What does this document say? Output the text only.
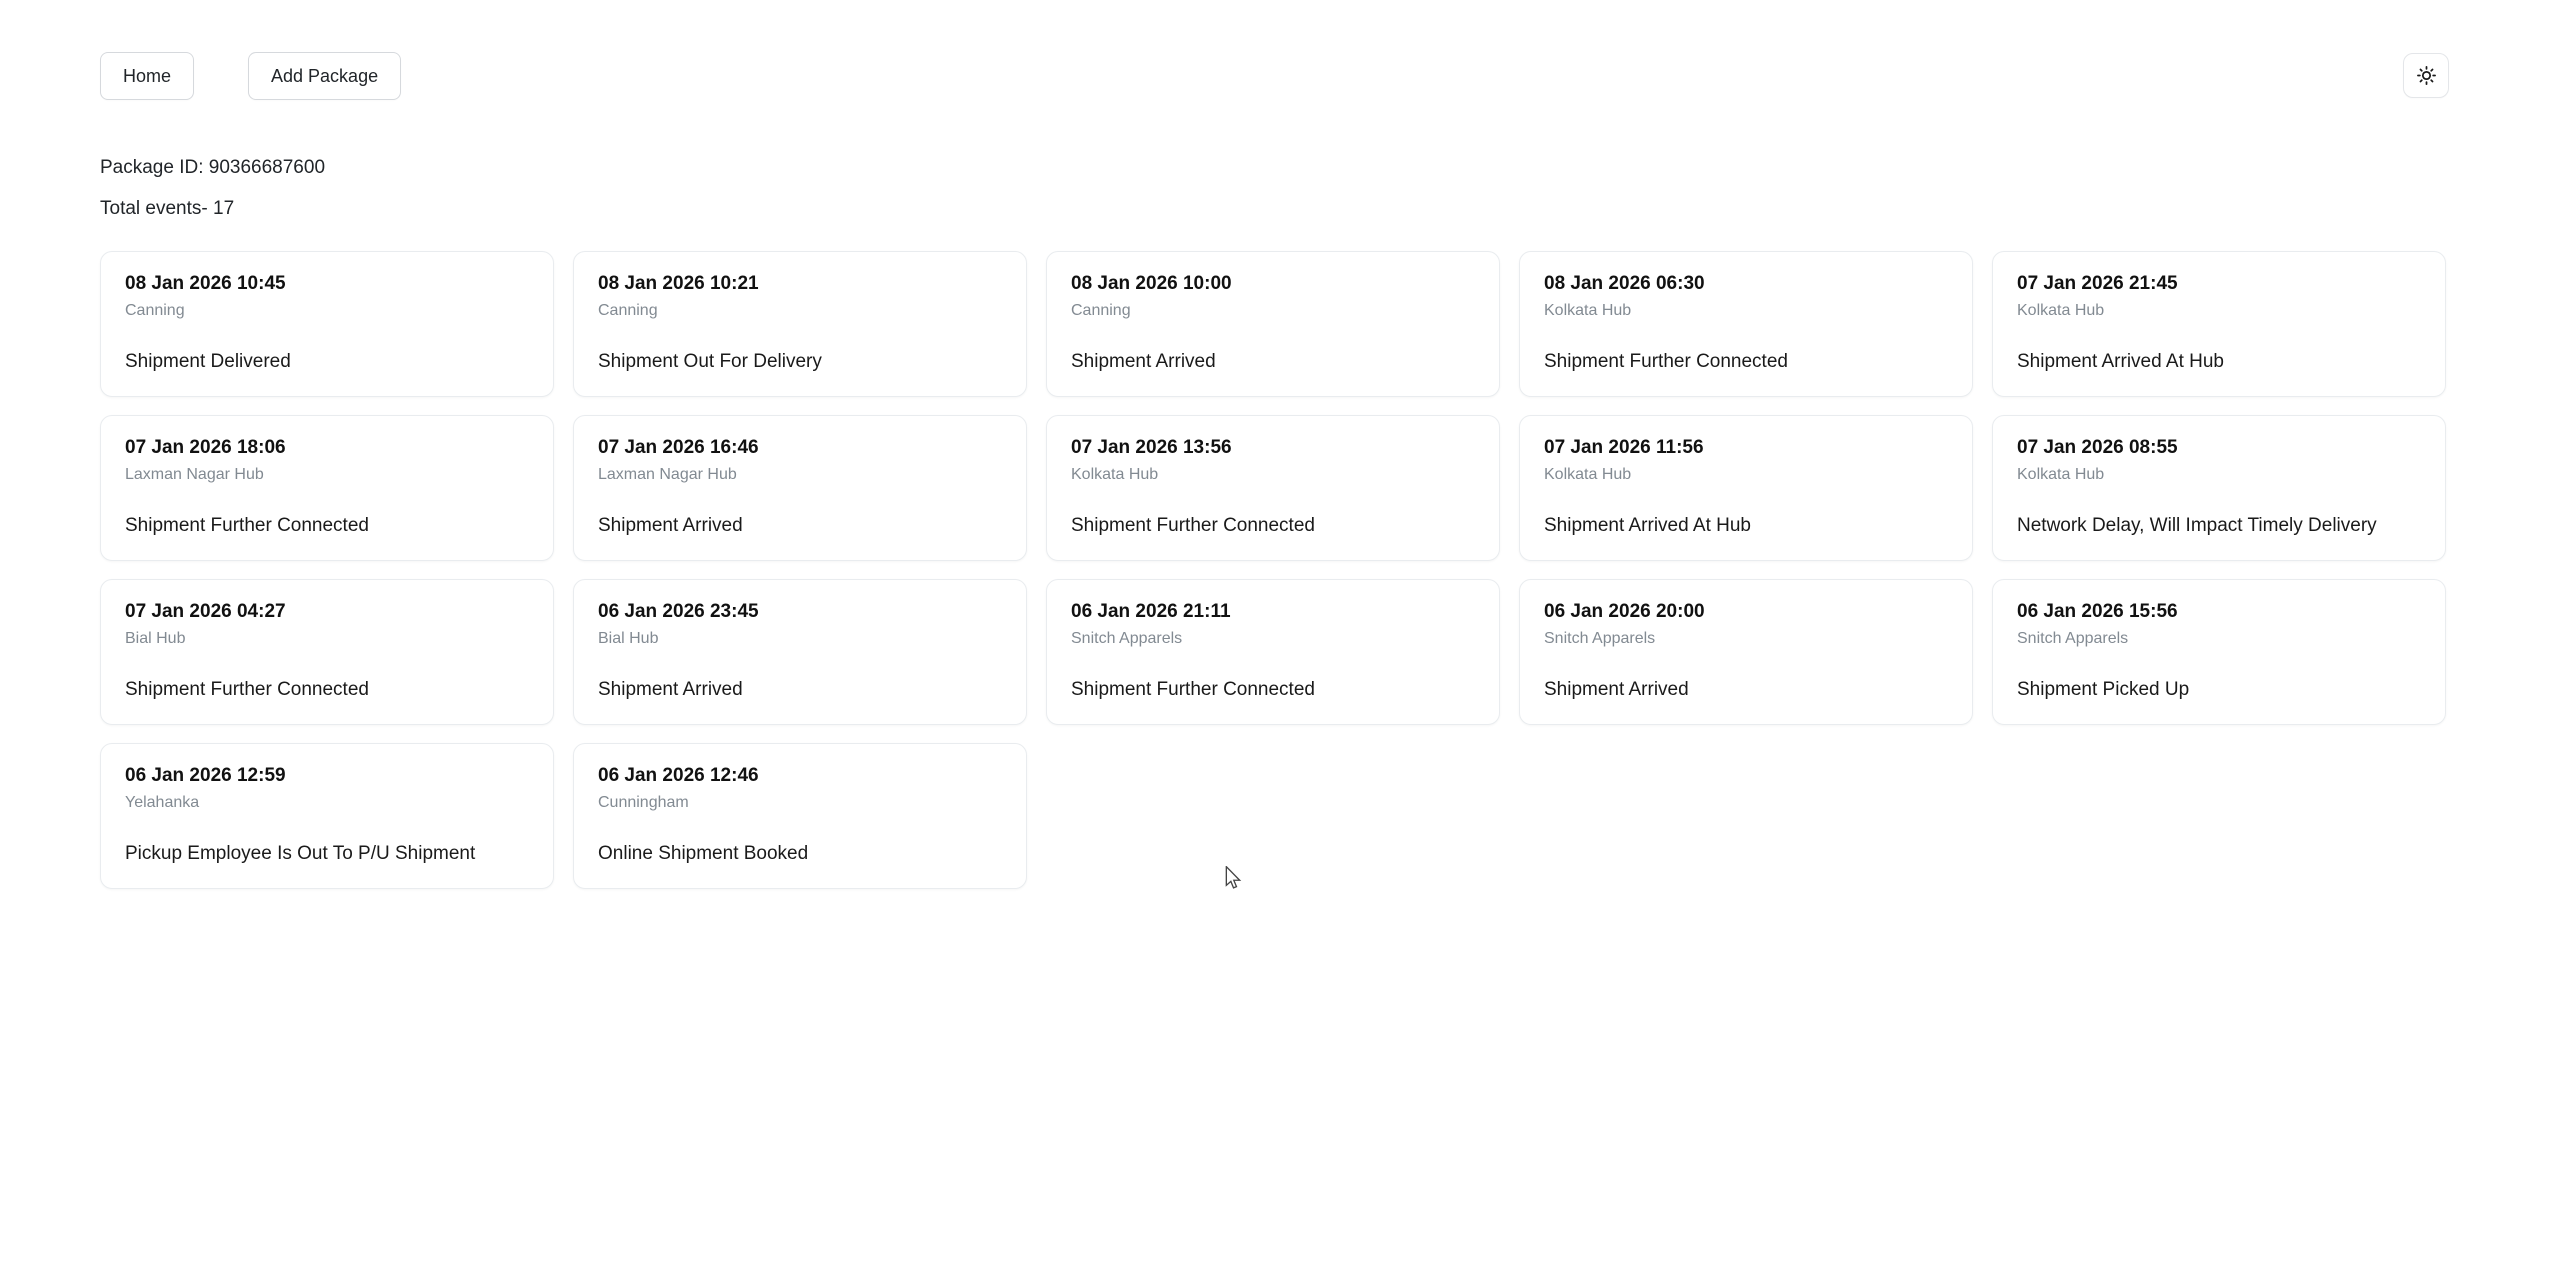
Home	Add Package
Package ID: 90366687600
Total events- 17
08 Jan 2026 10:45
Canning
Shipment Delivered
08 Jan 2026 10:21
Canning
Shipment Out For Delivery
08 Jan 2026 10:00
Canning
Shipment Arrived
08 Jan 2026 06:30
Kolkata Hub
Shipment Further Connected
07 Jan 2026 21:45
Kolkata Hub
Shipment Arrived At Hub
07 Jan 2026 18:06
Laxman Nagar Hub
Shipment Further Connected
07 Jan 2026 16:46
Laxman Nagar Hub
Shipment Arrived
07 Jan 2026 13:56
Kolkata Hub
Shipment Further Connected
07 Jan 2026 11:56
Kolkata Hub
Shipment Arrived At Hub
07 Jan 2026 08:55
Kolkata Hub
Network Delay, Will Impact Timely Delivery
07 Jan 2026 04:27
Bial Hub
Shipment Further Connected
06 Jan 2026 23:45
Bial Hub
Shipment Arrived
06 Jan 2026 21:11
Snitch Apparels
Shipment Further Connected
06 Jan 2026 20:00
Snitch Apparels
Shipment Arrived
06 Jan 2026 15:56
Snitch Apparels
Shipment Picked Up
06 Jan 2026 12:59
Yelahanka
Pickup Employee Is Out To P/U Shipment
06 Jan 2026 12:46
Cunningham
Online Shipment Booked
